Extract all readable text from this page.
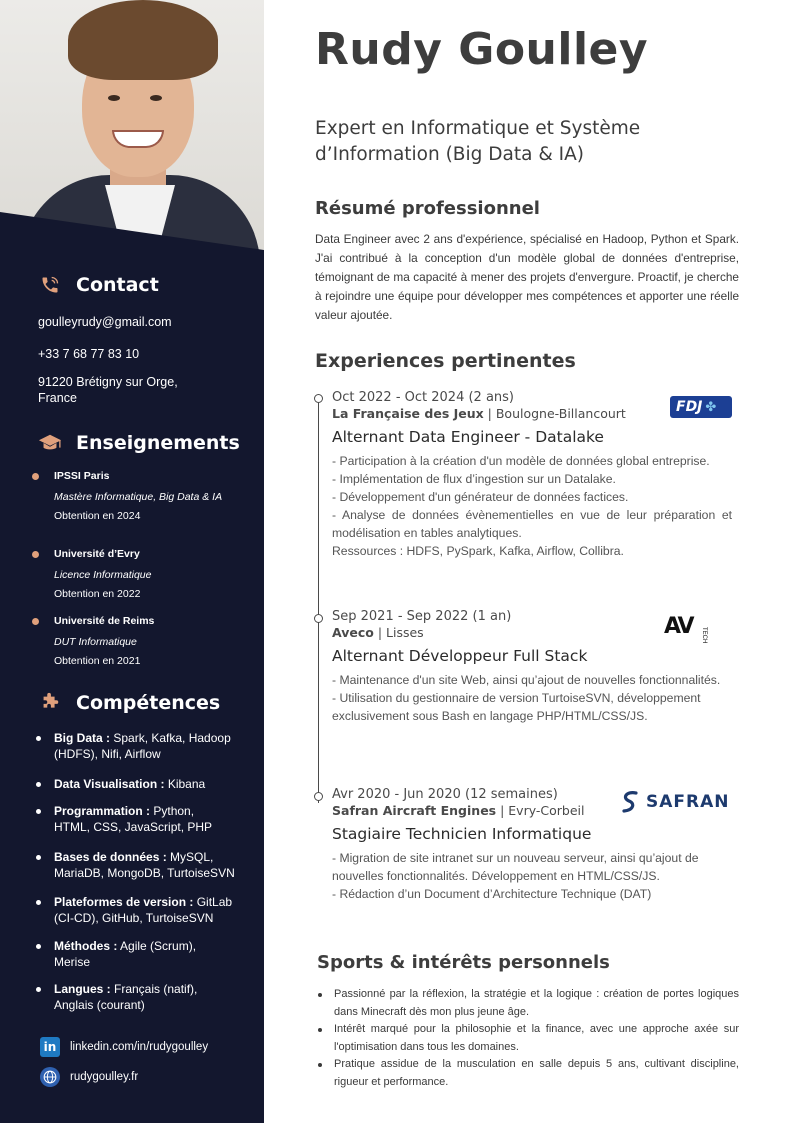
Contact
goulleyrudy@gmail.com
+33 7 68 77 83 10
91220 Brétigny sur Orge, France
Enseignements
IPSSI Paris
Mastère Informatique, Big Data & IA
Obtention en 2024
Université d’Evry
Licence Informatique
Obtention en 2022
Université de Reims
DUT Informatique
Obtention en 2021
Compétences
Big Data : Spark, Kafka, Hadoop (HDFS), Nifi, Airflow
Data Visualisation : Kibana
Programmation : Python, HTML, CSS, JavaScript, PHP
Bases de données : MySQL, MariaDB, MongoDB, TurtoiseSVN
Plateformes de version : GitLab (CI-CD), GitHub, TurtoiseSVN
Méthodes : Agile (Scrum), Merise
Langues : Français (natif), Anglais (courant)
in	linkedin.com/in/rudygoulley
rudygoulley.fr
Rudy Goulley
Expert en Informatique et Système d’Information (Big Data & IA)
Résumé professionnel
Data Engineer avec 2 ans d'expérience, spécialisé en Hadoop, Python et Spark. J'ai contribué à la conception d'un modèle global de données d'entreprise, témoignant de ma capacité à mener des projets d'envergure. Proactif, je cherche à rejoindre une équipe pour développer mes compétences et apporter une réelle valeur ajoutée.
Experiences pertinentes
Oct 2022 - Oct 2024 (2 ans)
La Française des Jeux | Boulogne-Billancourt
Alternant Data Engineer - Datalake
- Participation à la création d'un modèle de données global entreprise.
- Implémentation de flux d’ingestion sur un Datalake.
- Développement d'un générateur de données factices.
- Analyse de données évènementielles en vue de leur préparation et modélisation en tables analytiques.
Ressources : HDFS, PySpark, Kafka, Airflow, Collibra.
FDJ ✤
Sep 2021 - Sep 2022 (1 an)
Aveco | Lisses
Alternant Développeur Full Stack
- Maintenance d'un site Web, ainsi qu’ajout de nouvelles fonctionnalités.
- Utilisation du gestionnaire de version TurtoiseSVN, développement exclusivement sous Bash en langage PHP/HTML/CSS/JS.
AV TECH
Avr 2020 - Jun 2020 (12 semaines)
Safran Aircraft Engines | Evry-Corbeil
Stagiaire Technicien Informatique
- Migration de site intranet sur un nouveau serveur, ainsi qu’ajout de nouvelles fonctionnalités. Développement en HTML/CSS/JS.
- Rédaction d’un Document d’Architecture Technique (DAT)
SAFRAN
Sports & intérêts personnels
Passionné par la réflexion, la stratégie et la logique : création de portes logiques dans Minecraft dès mon plus jeune âge.
Intérêt marqué pour la philosophie et la finance, avec une approche axée sur l'optimisation dans tous les domaines.
Pratique assidue de la musculation en salle depuis 5 ans, cultivant discipline, rigueur et performance.
